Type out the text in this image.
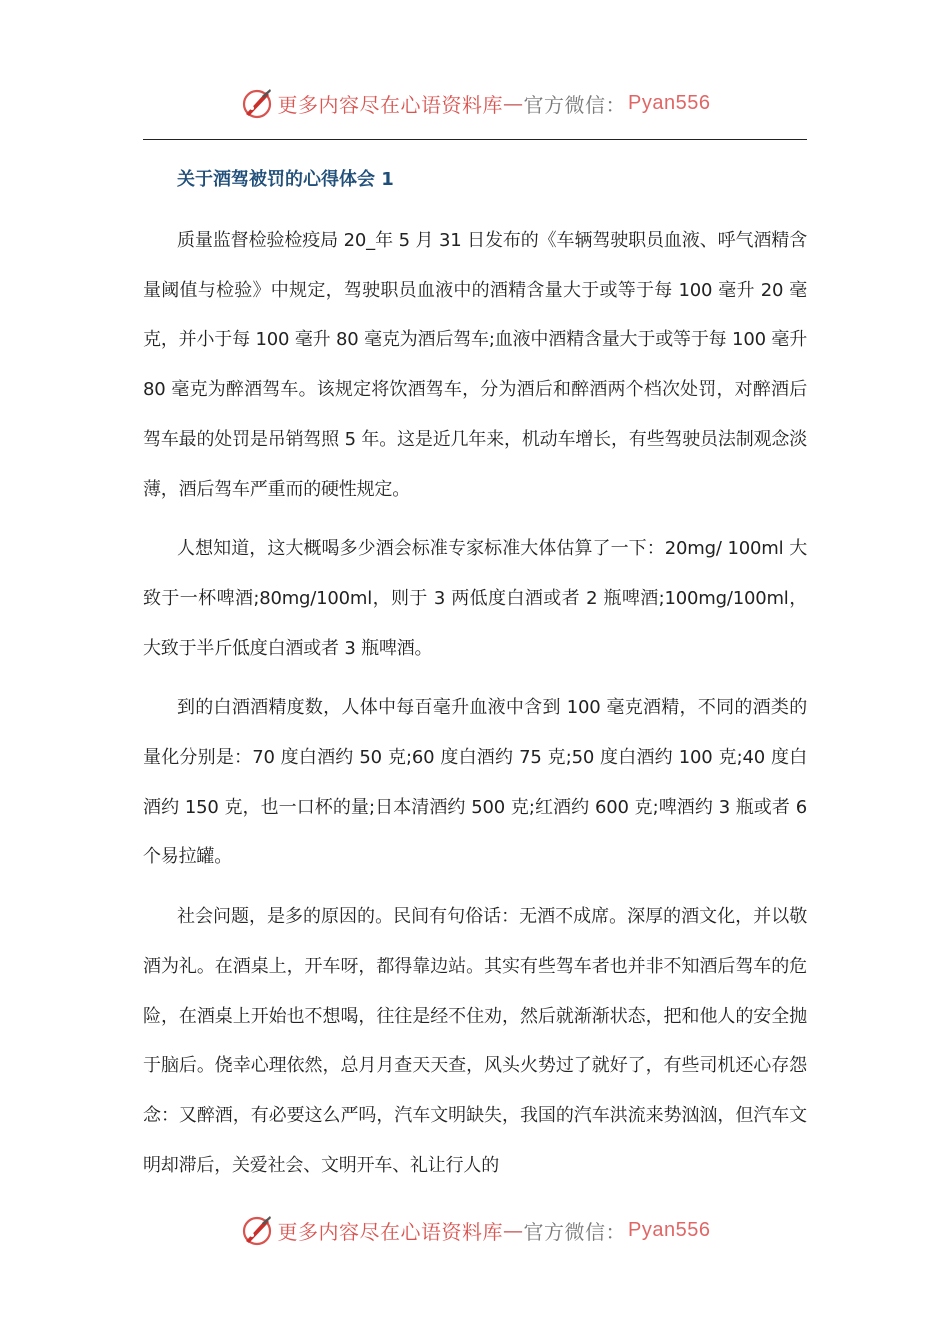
更多内容尽在心语资料库 — 官方微信： Pyan556
关于酒驾被罚的心得体会 1

质量监督检验检疫局 20_年 5 月 31 日发布的《车辆驾驶职员血液、呼气酒精含量阈值与检验》中规定，驾驶职员血液中的酒精含量大于或等于每 100 毫升 20 毫克，并小于每 100 毫升 80 毫克为酒后驾车;血液中酒精含量大于或等于每 100 毫升 80 毫克为醉酒驾车。该规定将饮酒驾车，分为酒后和醉酒两个档次处罚，对醉酒后驾车最的处罚是吊销驾照 5 年。这是近几年来，机动车增长，有些驾驶员法制观念淡薄，酒后驾车严重而的硬性规定。

人想知道，这大概喝多少酒会标准专家标准大体估算了一下：20mg/ 100ml 大致于一杯啤酒;80mg/100ml，则于 3 两低度白酒或者 2 瓶啤酒;100mg/100ml，大致于半斤低度白酒或者 3 瓶啤酒。

到的白酒酒精度数，人体中每百毫升血液中含到 100 毫克酒精，不同的酒类的量化分别是：70 度白酒约 50 克;60 度白酒约 75 克;50 度白酒约 100 克;40 度白酒约 150 克，也一口杯的量;日本清酒约 500 克;红酒约 600 克;啤酒约 3 瓶或者 6 个易拉罐。

社会问题，是多的原因的。民间有句俗话：无酒不成席。深厚的酒文化，并以敬酒为礼。在酒桌上，开车呀，都得靠边站。其实有些驾车者也并非不知酒后驾车的危险，在酒桌上开始也不想喝，往往是经不住劝，然后就渐渐状态，把和他人的安全抛于脑后。侥幸心理依然，总月月查天天查，风头火势过了就好了，有些司机还心存怨念：又醉酒，有必要这么严吗，汽车文明缺失，我国的汽车洪流来势汹汹，但汽车文明却滞后，关爱社会、文明开车、礼让行人的

更多内容尽在心语资料库 — 官方微信： Pyan556
